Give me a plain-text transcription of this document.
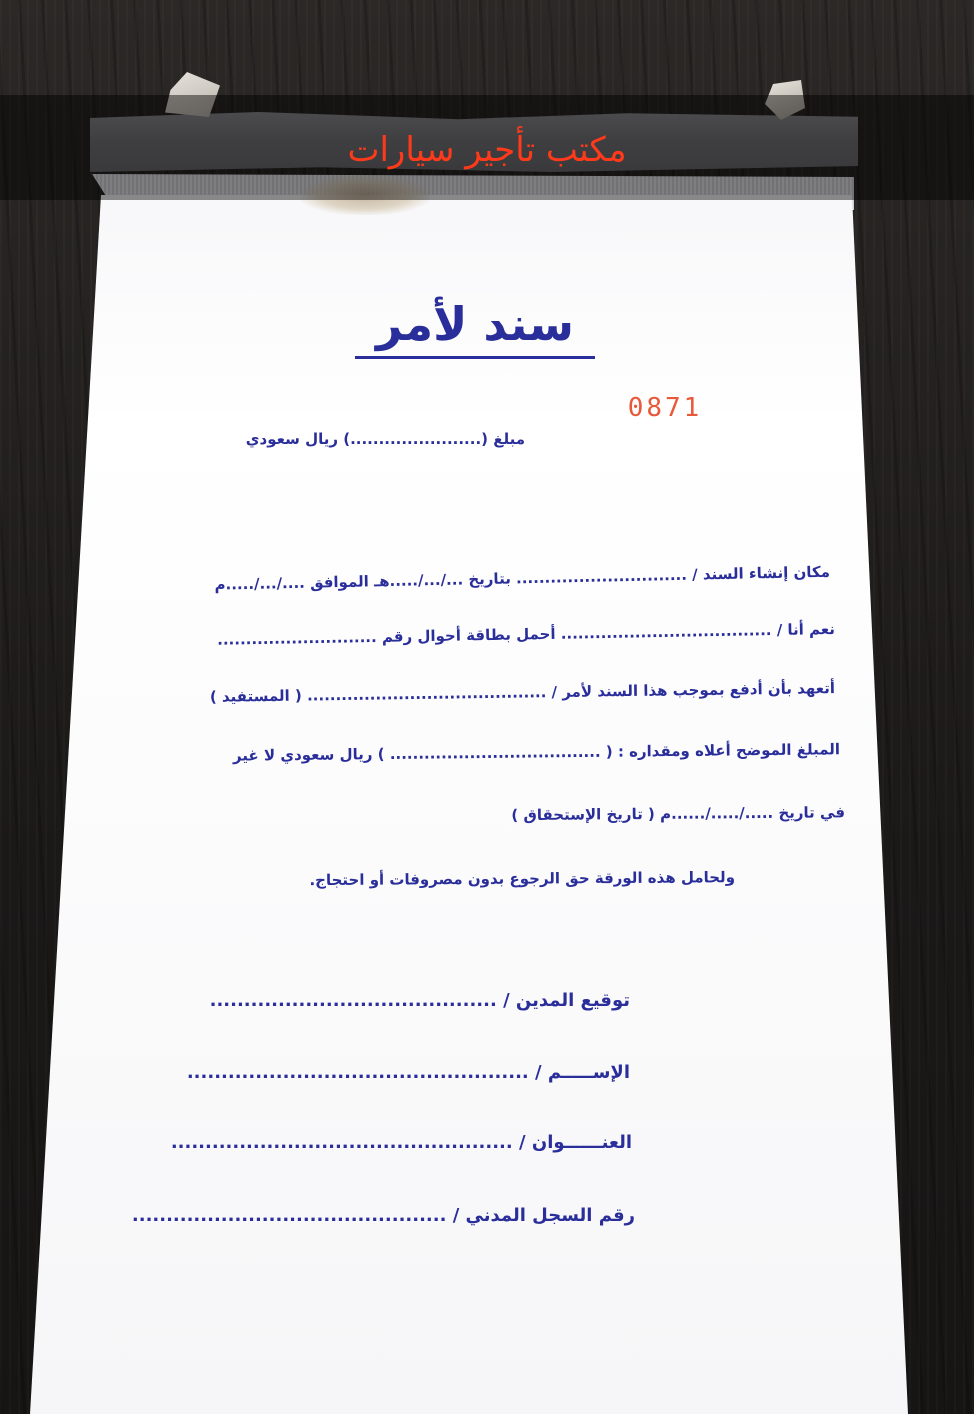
مكتب تأجير سيارات
سند لأمر
0871
مبلغ (.......................) ريال سعودي
مكان إنشاء السند / .............................. بتاريخ .../.../.....هـ الموافق ..../.../.....م
نعم أنا / ..................................... أحمل بطاقة أحوال رقم ............................
أتعهد بأن أدفع بموجب هذا السند لأمر / .......................................... ( المستفيد )
المبلغ الموضح أعلاه ومقداره : ( ..................................... ) ريال سعودي لا غير
في تاريخ ...../...../......م ( تاريخ الإستحقاق )
ولحامل هذه الورقة حق الرجوع بدون مصروفات أو احتجاج.
توقيع المدين / ..........................................
الإســـــم / ..................................................
العنــــــوان / ..................................................
رقم السجل المدني / ..............................................
